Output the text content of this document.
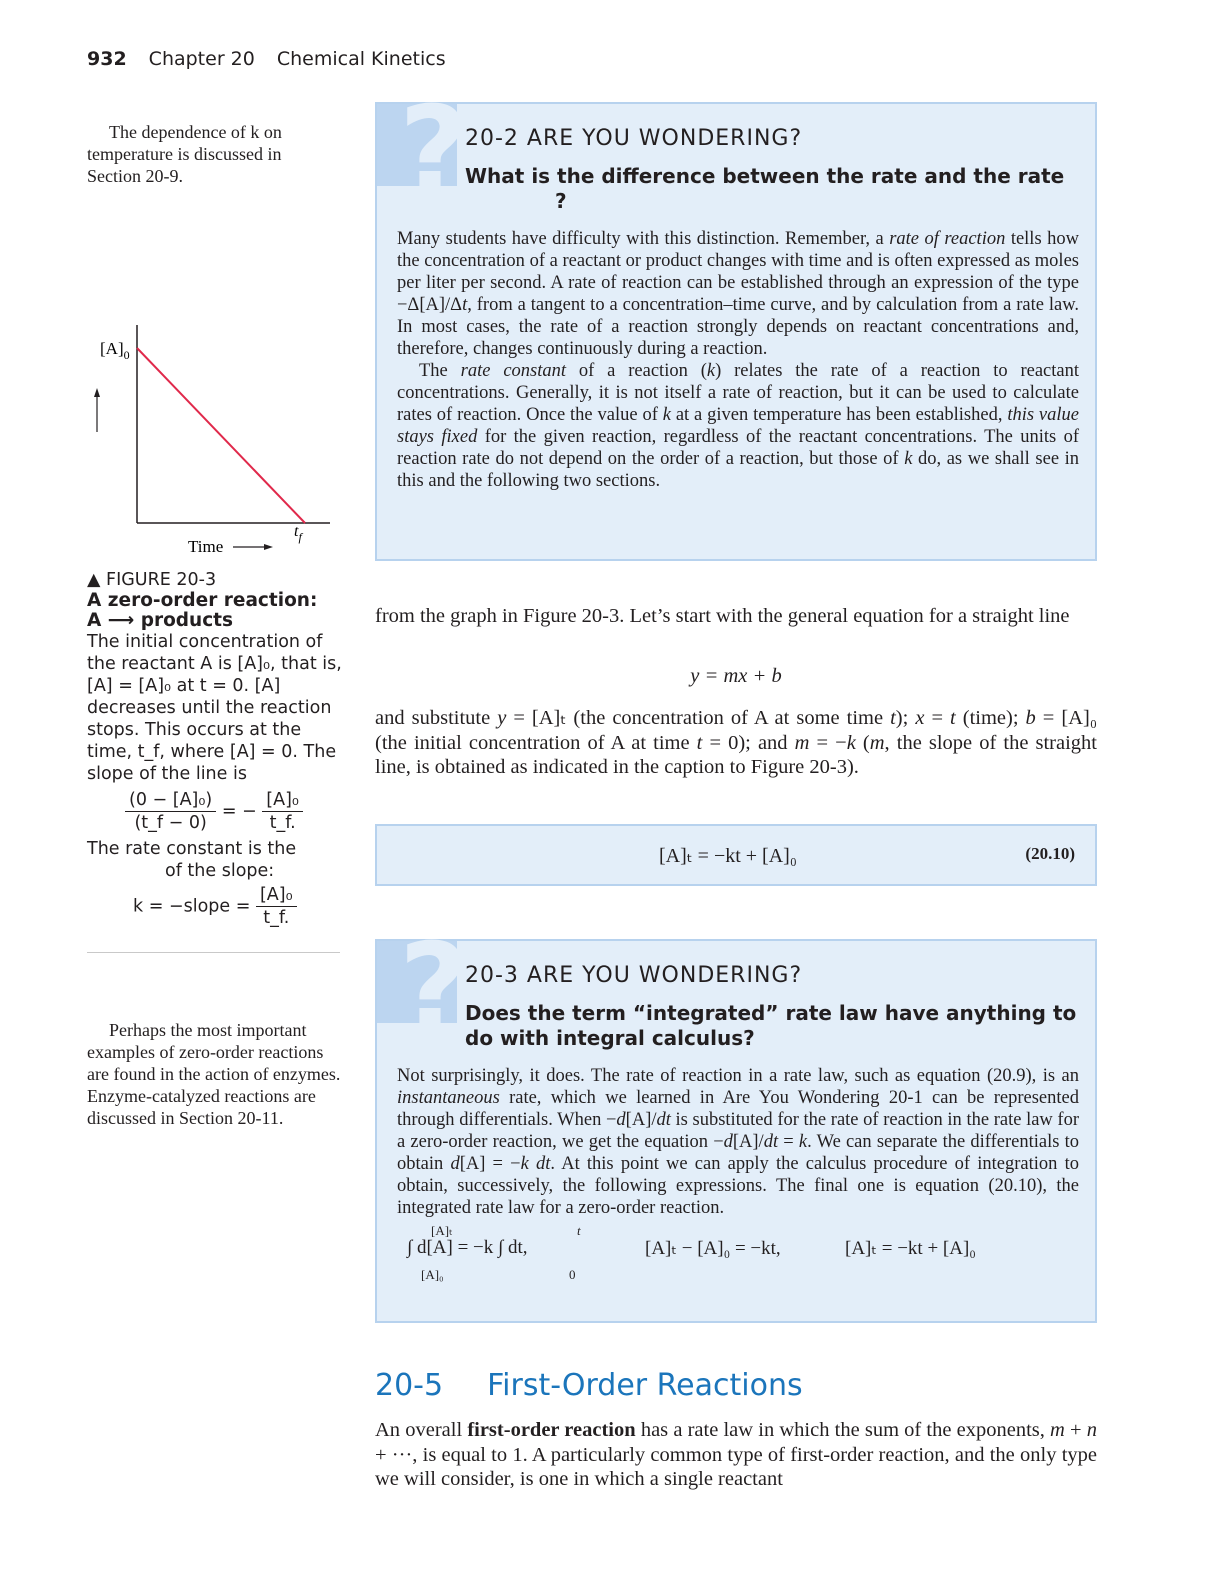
932 Chapter 20 Chemical Kinetics
The dependence of k on temperature is discussed in Section 20-9.
$[A]_0$
Time
$t_f$
▲ FIGURE 20-3
A zero-order reaction:
A ⟶ products
The initial concentration of the reactant A is [A]₀, that is, [A] = [A]₀ at t = 0. [A] decreases until the reaction stops. This occurs at the time, t_f, where [A] = 0. The slope of the line is
$\frac{\text{(0 − [A]₀)}}{(t\_f - 0)}$ = − $\frac{\text{[A]₀}}{t\_f.}$
The rate constant is the
of the slope:
k = −slope = $\frac{\text{[A]₀}}{t\_f.}$
Perhaps the most important examples of zero-order reactions are found in the action of enzymes. Enzyme-catalyzed reactions are discussed in Section 20-11.
?
20-2 ARE YOU WONDERING?
What is the difference between the rate and the rate
?

Many students have difficulty with this distinction. Remember, a rate of reaction tells how the concentration of a reactant or product changes with time and is often expressed as moles per liter per second. A rate of reaction can be established through an expression of the type −Δ[A]/Δt, from a tangent to a concentration–time curve, and by calculation from a rate law. In most cases, the rate of a reaction strongly depends on reactant concentrations and, therefore, changes continuously during a reaction.

The rate constant of a reaction (k) relates the rate of a reaction to reactant concentrations. Generally, it is not itself a rate of reaction, but it can be used to calculate rates of reaction. Once the value of k at a given temperature has been established, this value stays fixed for the given reaction, regardless of the reactant concentrations. The units of reaction rate do not depend on the order of a reaction, but those of k do, as we shall see in this and the following two sections.

from the graph in Figure 20-3. Let’s start with the general equation for a straight line

y = mx + b

and substitute y = [A]ₜ (the concentration of A at some time t); x = t (time); b = [A]₀ (the initial concentration of A at time t = 0); and m = −k (m, the slope of the straight line, is obtained as indicated in the caption to Figure 20-3).

[A]ₜ = −kt + [A]₀	(20.10)
?
20-3 ARE YOU WONDERING?
Does the term “integrated” rate law have anything to do with integral calculus?

Not surprisingly, it does. The rate of reaction in a rate law, such as equation (20.9), is an instantaneous rate, which we learned in Are You Wondering 20-1 can be represented through differentials. When −d[A]/dt is substituted for the rate of reaction in the rate law for a zero-order reaction, we get the equation −d[A]/dt = k. We can separate the differentials to obtain d[A] = −k dt. At this point we can apply the calculus procedure of integration to obtain, successively, the following expressions. The final one is equation (20.10), the integrated rate law for a zero-order reaction.

∫ d[A] = −k ∫ dt,
[A]ₜ
[A]₀
t
0
[A]ₜ − [A]₀ = −kt,	[A]ₜ = −kt + [A]₀
20-5 First-Order Reactions

An overall first-order reaction has a rate law in which the sum of the exponents, m + n + ···, is equal to 1. A particularly common type of first-order reaction, and the only type we will consider, is one in which a single reactant
